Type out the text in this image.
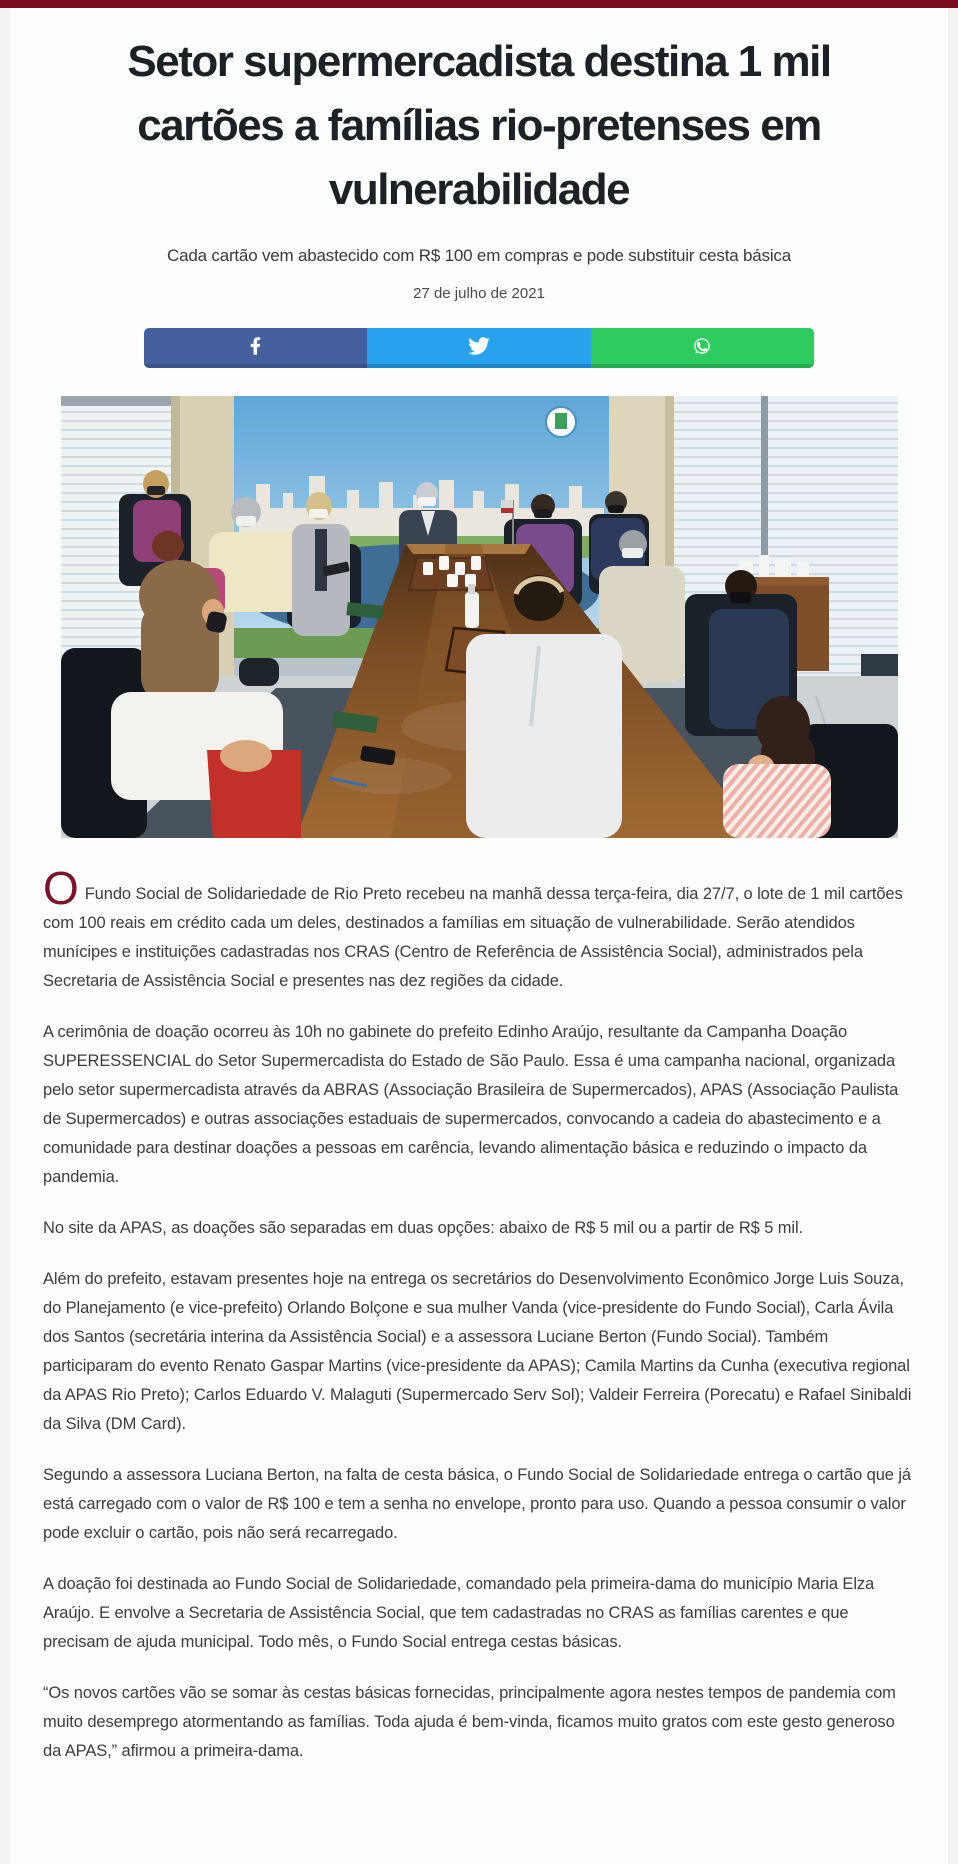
Setor supermercadista destina 1 mil cartões a famílias rio-pretenses em vulnerabilidade
Cada cartão vem abastecido com R$ 100 em compras e pode substituir cesta básica
27 de julho de 2021

O Fundo Social de Solidariedade de Rio Preto recebeu na manhã dessa terça-feira, dia 27/7, o lote de 1 mil cartões com 100 reais em crédito cada um deles, destinados a famílias em situação de vulnerabilidade. Serão atendidos munícipes e instituições cadastradas nos CRAS (Centro de Referência de Assistência Social), administrados pela Secretaria de Assistência Social e presentes nas dez regiões da cidade.

A cerimônia de doação ocorreu às 10h no gabinete do prefeito Edinho Araújo, resultante da Campanha Doação SUPERESSENCIAL do Setor Supermercadista do Estado de São Paulo. Essa é uma campanha nacional, organizada pelo setor supermercadista através da ABRAS (Associação Brasileira de Supermercados), APAS (Associação Paulista de Supermercados) e outras associações estaduais de supermercados, convocando a cadeia do abastecimento e a comunidade para destinar doações a pessoas em carência, levando alimentação básica e reduzindo o impacto da pandemia.

No site da APAS, as doações são separadas em duas opções: abaixo de R$ 5 mil ou a partir de R$ 5 mil.

Além do prefeito, estavam presentes hoje na entrega os secretários do Desenvolvimento Econômico Jorge Luis Souza, do Planejamento (e vice-prefeito) Orlando Bolçone e sua mulher Vanda (vice-presidente do Fundo Social), Carla Ávila dos Santos (secretária interina da Assistência Social) e a assessora Luciane Berton (Fundo Social). Também participaram do evento Renato Gaspar Martins (vice-presidente da APAS); Camila Martins da Cunha (executiva regional da APAS Rio Preto); Carlos Eduardo V. Malaguti (Supermercado Serv Sol); Valdeir Ferreira (Porecatu) e Rafael Sinibaldi da Silva (DM Card).

Segundo a assessora Luciana Berton, na falta de cesta básica, o Fundo Social de Solidariedade entrega o cartão que já está carregado com o valor de R$ 100 e tem a senha no envelope, pronto para uso. Quando a pessoa consumir o valor pode excluir o cartão, pois não será recarregado.

A doação foi destinada ao Fundo Social de Solidariedade, comandado pela primeira-dama do município Maria Elza Araújo. E envolve a Secretaria de Assistência Social, que tem cadastradas no CRAS as famílias carentes e que precisam de ajuda municipal. Todo mês, o Fundo Social entrega cestas básicas.

“Os novos cartões vão se somar às cestas básicas fornecidas, principalmente agora nestes tempos de pandemia com muito desemprego atormentando as famílias. Toda ajuda é bem-vinda, ficamos muito gratos com este gesto generoso da APAS,” afirmou a primeira-dama.
